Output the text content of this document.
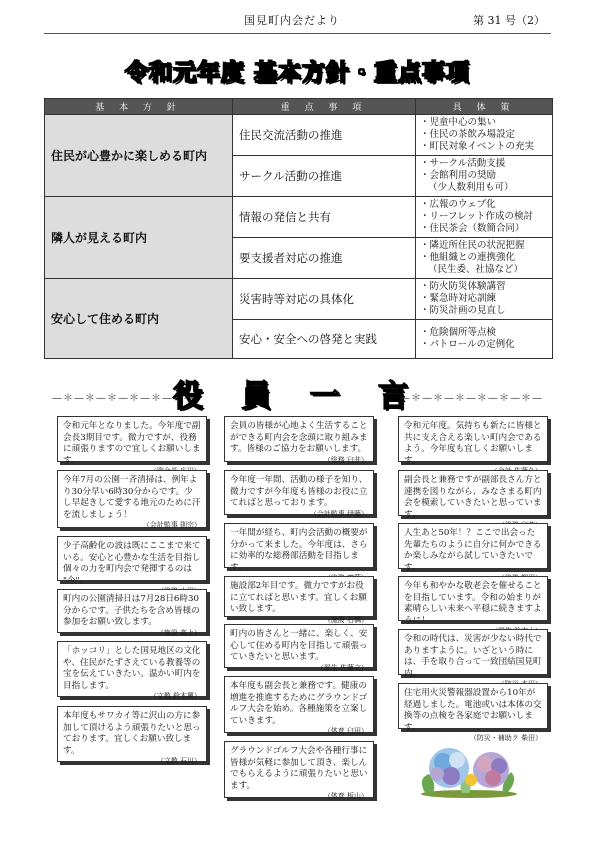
国見町内会だより	第 31 号（2）
令和元年度 基本方針・重点事項
基 本 方 針	重 点 事 項	具 体 策
住民が心豊かに楽しめる町内	住民交流活動の推進	・児童中心の集い
・住民の茶飲み場設定
・町民対象イベントの充実

	サークル活動の推進	・サークル活動支援
・会館利用の奨励
（少人数利用も可）

隣人が見える町内	情報の発信と共有	・広報のウェブ化
・リーフレット作成の検討
・住民茶会（数簡合同）

	要支援者対応の推進	・隣近所住民の状況把握
・他組織との連携強化
（民生委、社協など）

安心して住める町内	災害時等対応の具体化	・防火防災体験講習
・緊急時対応訓練
・防災計画の見直し

	安心・安全への啓発と実践	・危険個所等点検
・パトロールの定例化
—＊—＊—＊—＊—＊—＊—
役 員 一 言
—＊—＊—＊—＊—＊—＊—
令和元年となりました。今年度で副会長3期目です。微力ですが、役務に頑張りますので宜しくお願いします。
今年7月の公園一斉清掃は、例年より30分早い6時30分からです。少し早起きして愛する地元のために汗を流しましょう！
（会計監事 則宗）
少子高齢化の波は既にここまで来ている。安心と心豊かな生活を目指し個々の力を町内会で発揮するのは "今"。
町内の公園清掃日は7月28日6時30分からです。子供たちを含め皆様の参加をお願い致します。
（施設 高上）
「ホッコリ」とした国見地区の文化や、住民がたずさえている教養等の宝を伝えていきたい。温かい町内を目指します。
（文教 鈴木興）
本年度もサワカイ等に沢山の方に参加して頂けるよう頑張りたいと思っております。宜しくお願い致します。
（文教 石川）
会員の皆様が心地よく生活することができる町内会を念頭に取り組みます。皆様のご協力をお願いします。
（総務 臼井）
今年度一年間、活動の様子を知り、微力ですが今年度も皆様のお役に立てればと思っております。
（会計監事 伊藤）
一年間が経ち、町内会活動の概要が分かって来ました。今年度は、さらに効率的な総務部活動を目指します。
施設部2年目です。微力ですがお役に立てればと思います。宜しくお願い致します。
（施設 石橋）
町内の皆さんと一緒に、楽しく、安心して住める町内を目指して頑張っていきたいと思います。
（厚生 佐藤文）
本年度も副会長と兼務です。健康の増進を推進するためにグラウンドゴルフ大会を始め。各種施策を立案していきます。
（体育 臼田）
グラウンドゴルフ大会や各種行事に皆様が気軽に参加して頂き、楽しんでもらえるように頑張りたいと思います。
（体育 板山）
令和元年度。気持ちも新たに皆様と共に支え合える楽しい町内会であるよう。今年度も宜しくお願いします。
副会長と兼務ですが副部長さん方と連携を図りながら、みなさまる町内会を模索していきたいと思っています。
人生あと50年！？ここで出会った先輩たちのように自分に何かできるか楽しみながら試していきたいです。
今年も和やかな敬老会を催せることを目指しています。令和の始まりが素晴らしい未来へ平穏に続きますように！
令和の時代は、災害が少ない時代でありますように。いざという時には、手を取り合って一致団結国見町内。
住宅用火災警報器設置から10年が経過しました。電池或いは本体の交換等の点検を各家庭でお願いします。
（防災・補助ク 柴田）
